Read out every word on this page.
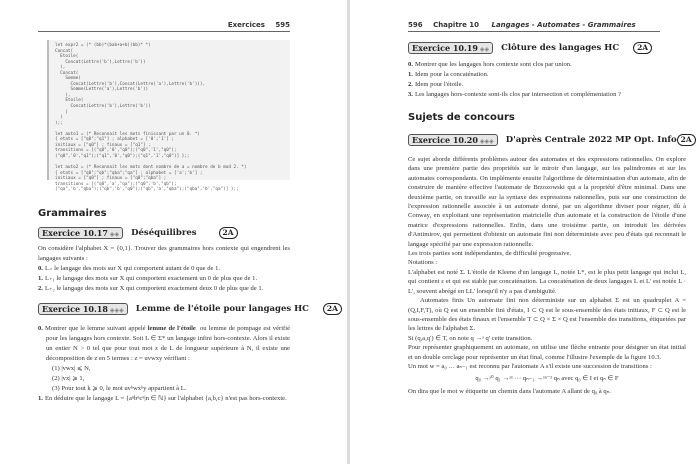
Exercices 595
let expr2 = (* (bb)*(bab+a+b)(bb)* *)
Concat(
Etoile(
Concat(Lettre('b'),Lettre('b'))
),
Concat(
Somme(
Concat(Lettre('b'),Concat(Lettre('a'),Lettre('b'))),
Somme(Lettre('a'),Lettre('b'))
),
Etoile(
Concat(Lettre('b'),Lettre('b'))
)
)
);;

let auto1 = (* Reconnait les mots finissant par un 0. *)
{ etats = ["q0";"q1"] ; alphabet = ['0';'1'] ;
initiaux = ["q0"] ; finaux = ["q1"] ;
transitions = [("q0",'0',"q0");("q0",'1',"q0");
("q0",'0',"q1");("q1",'0',"q0");("q1",'1',"q0")] };;

let auto2 = (* Reconnait les mots dont nombre de a = nombre de b mod 2. *)
{ etats = ["q0";"qb";"qba";"qa"] ; alphabet = ['a';'b'] ;
initiaux = ["q0"] ; finaux = ["q0";"qba"] ;
transitions = [("q0",'a',"qa");("q0",'b',"qb");
("qa",'b',"qba");("qb",'b',"q0");("qb",'a',"qba");("qba",'b',"qa")] };;
Grammaires
Exercice 10.17 ◈◈	Déséquilibres	2A
On considère l'alphabet X = {0,1}. Trouver des grammaires hors contexte qui engendrent les langages suivants :
0. L₌ le langage des mots sur X qui comportent autant de 0 que de 1.
1. L₊₁ le langage des mots sur X qui comportent exactement un 0 de plus que de 1.
2. L₊₂ le langage des mots sur X qui comportent exactement deux 0 de plus que de 1.
Exercice 10.18 ◈◈◈	Lemme de l'étoile pour langages HC	2A
0. Montrer que le lemme suivant appelé lemme de l'étoile ou lemme de pompage est vérifié pour les langages hors contexte. Soit L ∈ Σ* un langage infini hors-contexte. Alors il existe un entier N > 0 tel que pour tout mot z de L de longueur supérieure à N, il existe une décomposition de z en 5 termes : z = uvwxy vérifiant :
(1) |vwx| ⩽ N,
(2) |vx| ⩾ 1,
(3) Pour tout k ⩾ 0, le mot uvᵏwxᵏy appartient à L.
1. En déduire que le langage L = {aⁿbⁿcⁿ|n ∈ ℕ} sur l'alphabet {a,b,c} n'est pas hors-contexte.
596 Chapitre 10 Langages - Automates - Grammaires
Exercice 10.19 ◈◈	Clôture des langages HC	2A
0. Montrer que les langages hors contexte sont clos par union.
1. Idem pour la concaténation.
2. Idem pour l'étoile.
3. Les langages hors-contexte sont-ils clos par intersection et complémentation ?
Sujets de concours
Exercice 10.20 ◈◈◈	D'après Centrale 2022 MP Opt. Info 2A
Ce sujet aborde différents problèmes autour des automates et des expressions rationnelles. On explore dans une première partie des propriétés sur le miroir d'un langage, sur les palindromes et sur les automates correspondants. On implémente ensuite l'algorithme de déterminisation d'un automate, afin de construire de manière effective l'automate de Brzozowski qui a la propriété d'être minimal. Dans une deuxième partie, on travaille sur la syntaxe des expressions rationnelles, puis sur une construction de l'expression rationnelle associée à un automate donné, par un algorithme diviser pour régner, dû à Conway, en exploitant une représentation matricielle d'un automate et la construction de l'étoile d'une matrice d'expressions rationnelles. Enfin, dans une troisième partie, on introduit les dérivées d'Antimirov, qui permettent d'obtenir un automate fini non déterministe avec peu d'états qui reconnait le langage spécifié par une expression rationnelle.
Les trois parties sont indépendantes, de difficulté progressive.
Notations :
L'alphabet est noté Σ. L'étoile de Kleene d'un langage L, notée L*, est le plus petit langage qui inclut L, qui contient ε et qui est stable par concaténation. La concaténation de deux langages L et L' est notée L · L', souvent abrégé en LL' lorsqu'il n'y a pas d'ambiguïté.
Automates finis Un automate fini non déterministe sur un alphabet Σ est un quadruplet A = (Q,I,F,T), où Q est un ensemble fini d'états, I ⊂ Q est le sous-ensemble des états initiaux, F ⊂ Q est le sous-ensemble des états finaux et l'ensemble T ⊂ Q × Σ × Q est l'ensemble des transitions, étiquetées par les lettres de l'alphabet Σ.
Si (q,a,q') ∈ T, on note q →ᵃ q' cette transition.
Pour représenter graphiquement un automate, on utilise une flèche entrante pour désigner un état initial et un double cerclage pour représenter un état final, comme l'illustre l'exemple de la figure 10.3.
Un mot w = a₀ … aₙ₋₁ est reconnu par l'automate A s'il existe une succession de transitions :
q₀ →ᵃ⁰ q₁ →ᵃ¹ ··· qₙ₋₁ →ᵃⁿ⁻¹ qₙ avec q₀ ∈ I et qₙ ∈ F
On dira que le mot w étiquette un chemin dans l'automate A allant de q₀ à qₙ.
